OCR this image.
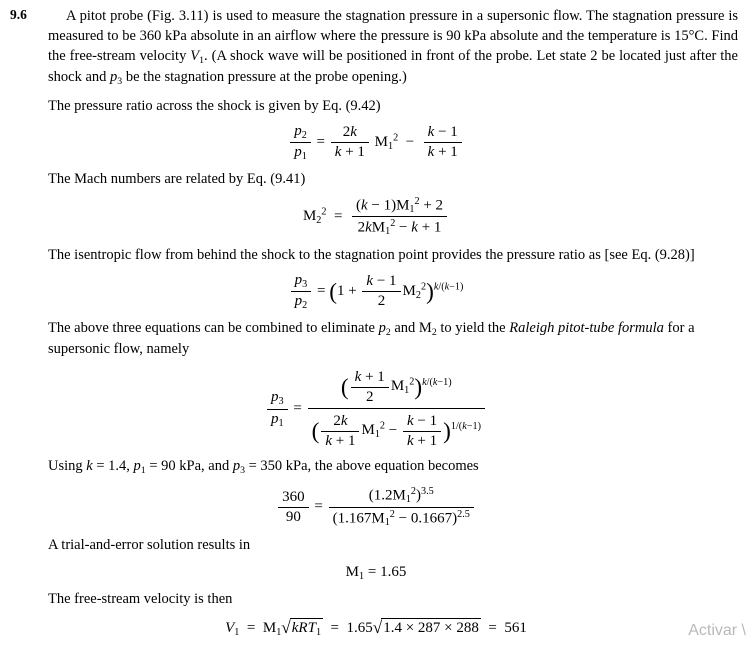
9.6	A pitot probe (Fig. 3.11) is used to measure the stagnation pressure in a supersonic flow. The stagnation pressure is measured to be 360 kPa absolute in an airflow where the pressure is 90 kPa absolute and the temperature is 15°C. Find the free-stream velocity $V_1$. (A shock wave will be positioned in front of the probe. Let state 2 be located just after the shock and $p_3$ be the stagnation pressure at the probe opening.)
The pressure ratio across the shock is given by Eq. (9.42)
$\frac{p_2}{p_1} = \frac{2k}{k + 1} M_1^2 - \frac{k - 1}{k + 1}$
The Mach numbers are related by Eq. (9.41)
$M_2^2 = \frac{(k - 1)M_1^2 + 2}{2kM_1^2 - k + 1}$
The isentropic flow from behind the shock to the stagnation point provides the pressure ratio as [see Eq. (9.28)]
$\frac{p_3}{p_2} = (1 + \frac{k - 1}{2} M_2^2)^{k/(k-1)}$
The above three equations can be combined to eliminate $p_2$ and $M_2$ to yield the Raleigh pitot-tube formula for a supersonic flow, namely
$\frac{p_3}{p_1}$ =
( $\frac{k + 1}{2} M_1^2)^{k/(k-1)}$
( $\frac{2k}{k + 1} M_1^2 - \frac{k - 1}{k + 1} )^{1/(k-1)}$
Using k = 1.4, $p_1 = 90$ kPa, and $p_3 = 350$ kPa, the above equation becomes
$\frac{360}{90} = \frac{(1.2M_1^2)^{3.5}}{(1.167M_1^2 - 0.1667)^{2.5}}$
A trial-and-error solution results in
$M_1 = 1.65$
The free-stream velocity is then
$V_1 = M_1√kRT_1 = 1.65√1.4 \times 287 \times 288 = 561$	Activar \
